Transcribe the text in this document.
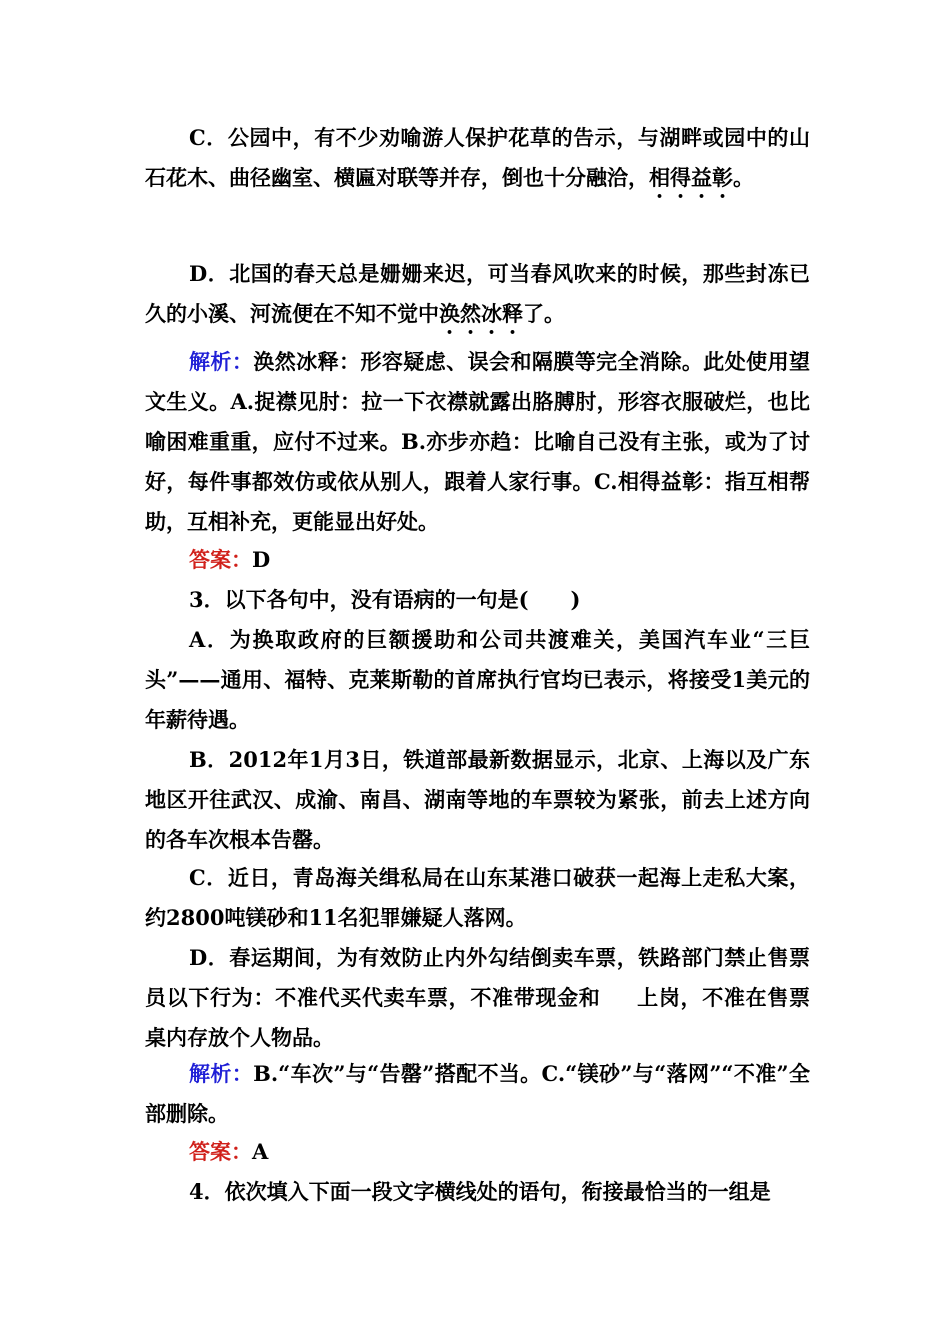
C．公园中，有不少劝喻游人保护花草的告示，与湖畔或园中的山石花木、曲径幽室、横匾对联等并存，倒也十分融洽，相得益彰。
D．北国的春天总是姗姗来迟，可当春风吹来的时候，那些封冻已久的小溪、河流便在不知不觉中涣然冰释了。
解析：涣然冰释：形容疑虑、误会和隔膜等完全消除。此处使用望文生义。A.捉襟见肘：拉一下衣襟就露出胳膊肘，形容衣服破烂，也比喻困难重重，应付不过来。B.亦步亦趋：比喻自己没有主张，或为了讨好，每件事都效仿或依从别人，跟着人家行事。C.相得益彰：指互相帮助，互相补充，更能显出好处。
答案：D
3．以下各句中，没有语病的一句是(　　)
A．为换取政府的巨额援助和公司共渡难关，美国汽车业“三巨头”——通用、福特、克莱斯勒的首席执行官均已表示，将接受1美元的年薪待遇。
B．2012年1月3日，铁道部最新数据显示，北京、上海以及广东地区开往武汉、成渝、南昌、湖南等地的车票较为紧张，前去上述方向的各车次根本告罄。
C．近日，青岛海关缉私局在山东某港口破获一起海上走私大案，约2800吨镁砂和11名犯罪嫌疑人落网。
D．春运期间，为有效防止内外勾结倒卖车票，铁路部门禁止售票员以下行为：不准代买代卖车票，不准带现金和 上岗，不准在售票桌内存放个人物品。
解析：B.“车次”与“告罄”搭配不当。C.“镁砂”与“落网”“不准”全部删除。
答案：A
4．依次填入下面一段文字横线处的语句，衔接最恰当的一组是
